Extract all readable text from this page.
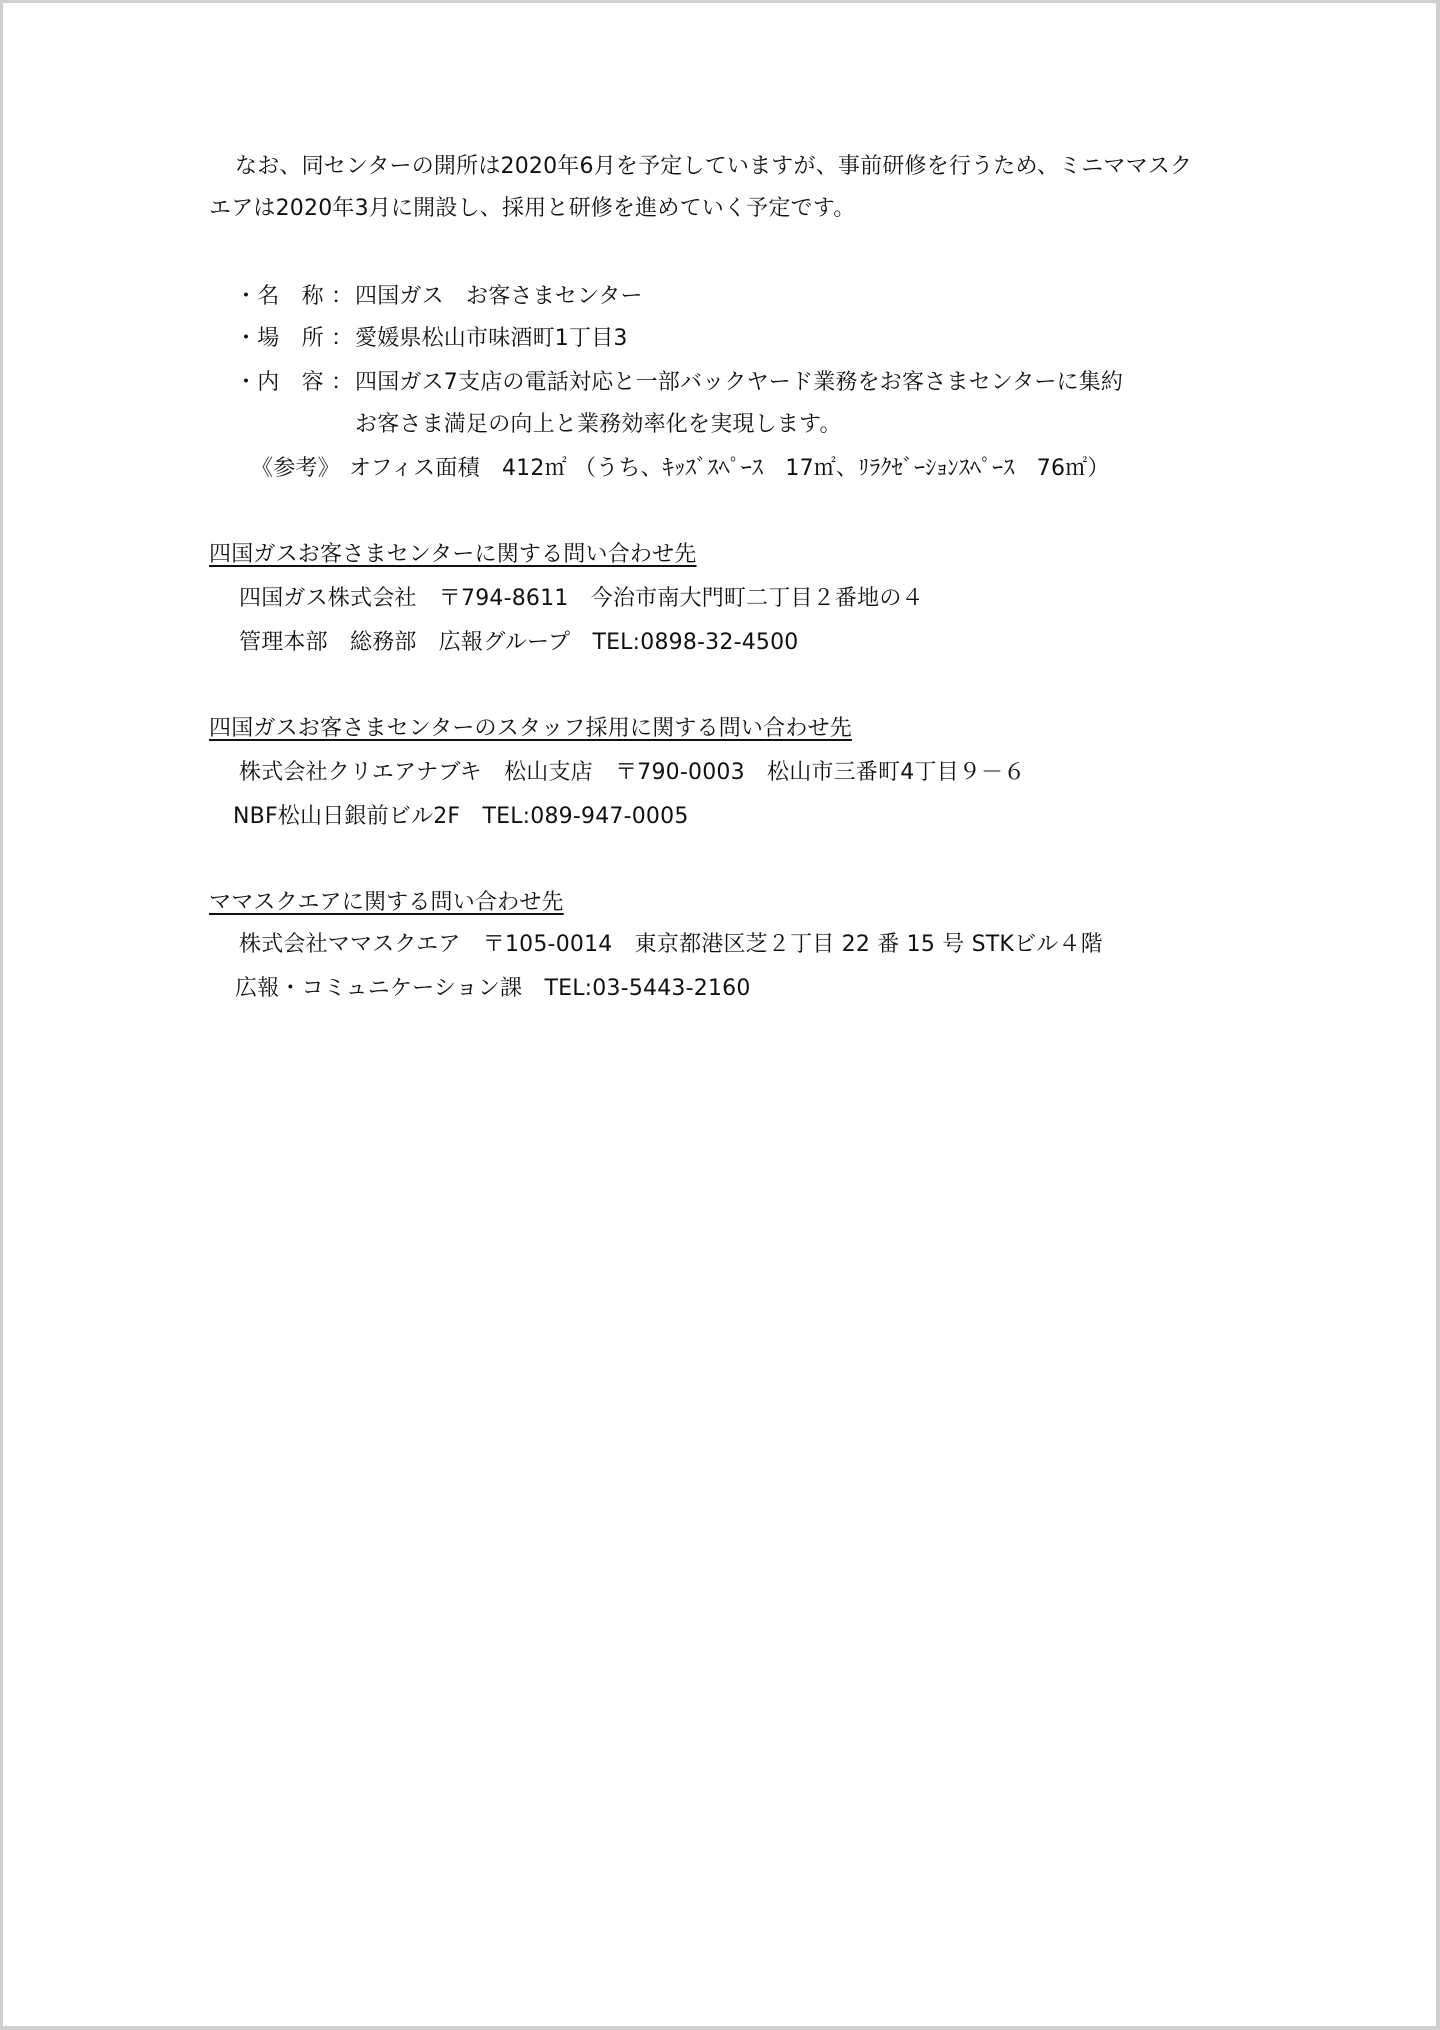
なお、同センターの開所は2020年6月を予定していますが、事前研修を行うため、ミニママスク
エアは2020年3月に開設し、採用と研修を進めていく予定です。
・名　称 ： 四国ガス　お客さまセンター
・場　所 ： 愛媛県松山市味酒町1丁目3
・内　容 ： 四国ガス7支店の電話対応と一部バックヤード業務をお客さまセンターに集約
お客さま満足の向上と業務効率化を実現します。
《参考》 オフィス面積　412㎡ （うち、ｷｯｽﾞｽﾍﾟｰｽ　17㎡、ﾘﾗｸｾﾞｰｼｮﾝｽﾍﾟｰｽ　76㎡）
四国ガスお客さまセンターに関する問い合わせ先
四国ガス株式会社　〒794-8611　今治市南大門町二丁目２番地の４
管理本部　総務部　広報グループ　TEL:0898-32-4500
四国ガスお客さまセンターのスタッフ採用に関する問い合わせ先
株式会社クリエアナブキ　松山支店　〒790-0003　松山市三番町4丁目９－６
NBF松山日銀前ビル2F　TEL:089-947-0005
ママスクエアに関する問い合わせ先
株式会社ママスクエア　〒105-0014　東京都港区芝２丁目 22 番 15 号 STKビル４階
広報・コミュニケーション課　TEL:03-5443-2160
